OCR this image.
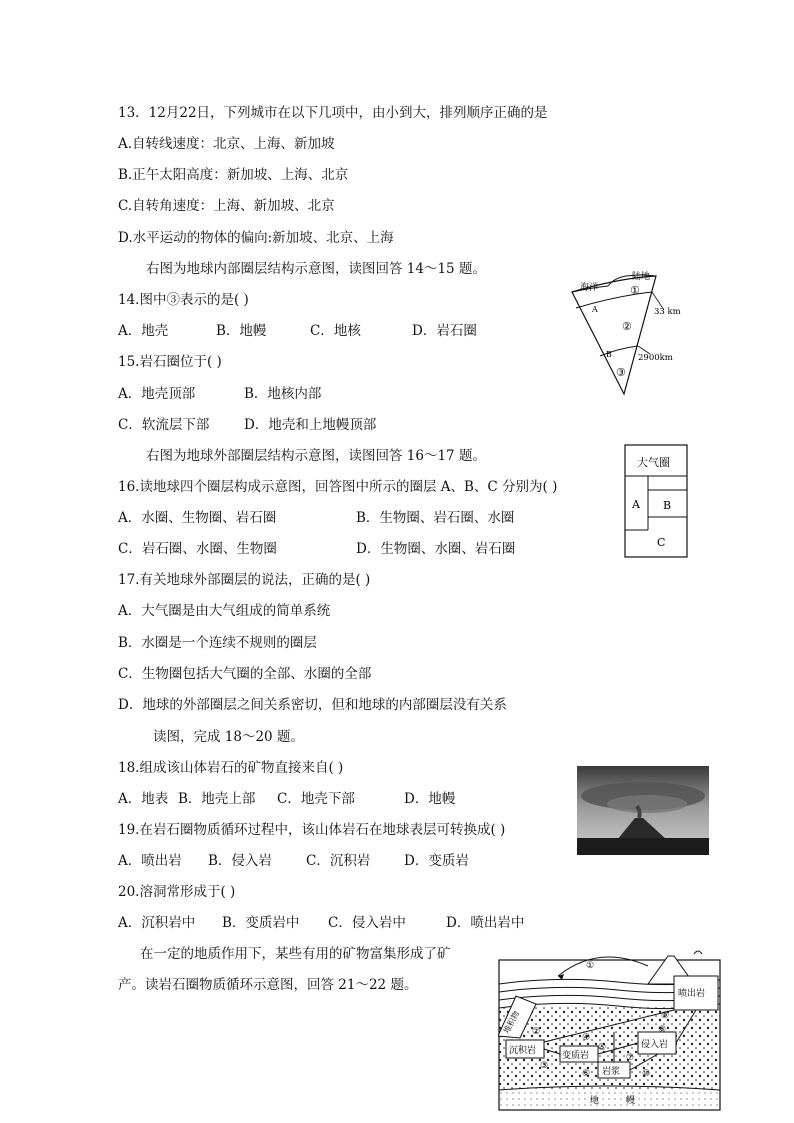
13．12月22日，下列城市在以下几项中，由小到大，排列顺序正确的是
A.自转线速度：北京、上海、新加坡
B.正午太阳高度：新加坡、上海、北京
C.自转角速度：上海、新加坡、北京
D.水平运动的物体的偏向:新加坡、北京、上海
右图为地球内部圈层结构示意图，读图回答 14～15 题。
14.图中③表示的是( )
A．地壳	B．地幔	C．地核	D．岩石圈
15.岩石圈位于( )
A．地壳顶部	B．地核内部
C．软流层下部	D．地壳和上地幔顶部
右图为地球外部圈层结构示意图，读图回答 16～17 题。
16.读地球四个圈层构成示意图，回答图中所示的圈层 A、B、C 分别为( )
A．水圈、生物圈、岩石圈	B．生物圈、岩石圈、水圈
C．岩石圈、水圈、生物圈	D．生物圈、水圈、岩石圈
17.有关地球外部圈层的说法，正确的是( )
A．大气圈是由大气组成的简单系统
B．水圈是一个连续不规则的圈层
C．生物圈包括大气圈的全部、水圈的全部
D．地球的外部圈层之间关系密切，但和地球的内部圈层没有关系
读图，完成 18～20 题。
18.组成该山体岩石的矿物直接来自( )
A．地表 B．地壳上部 C．地壳下部	D．地幔
19.在岩石圈物质循环过程中，该山体岩石在地球表层可转换成( )
A．喷出岩 B．侵入岩	C．沉积岩 D．变质岩
20.溶洞常形成于( )
A．沉积岩中 B．变质岩中 C．侵入岩中	D．喷出岩中
在一定的地质作用下，某些有用的矿物富集形成了矿
产。读岩石圈物质循环示意图，回答 21～22 题。
海洋
陆地
A
B
①
②
③
33 km
2900km
大气圈
A B
C
堆积物
沉积岩	变质岩
喷出岩
侵入岩
岩浆
地	幔
①
②
③
④
⑤
⑥
⑦
⑧
⑨
⑩
